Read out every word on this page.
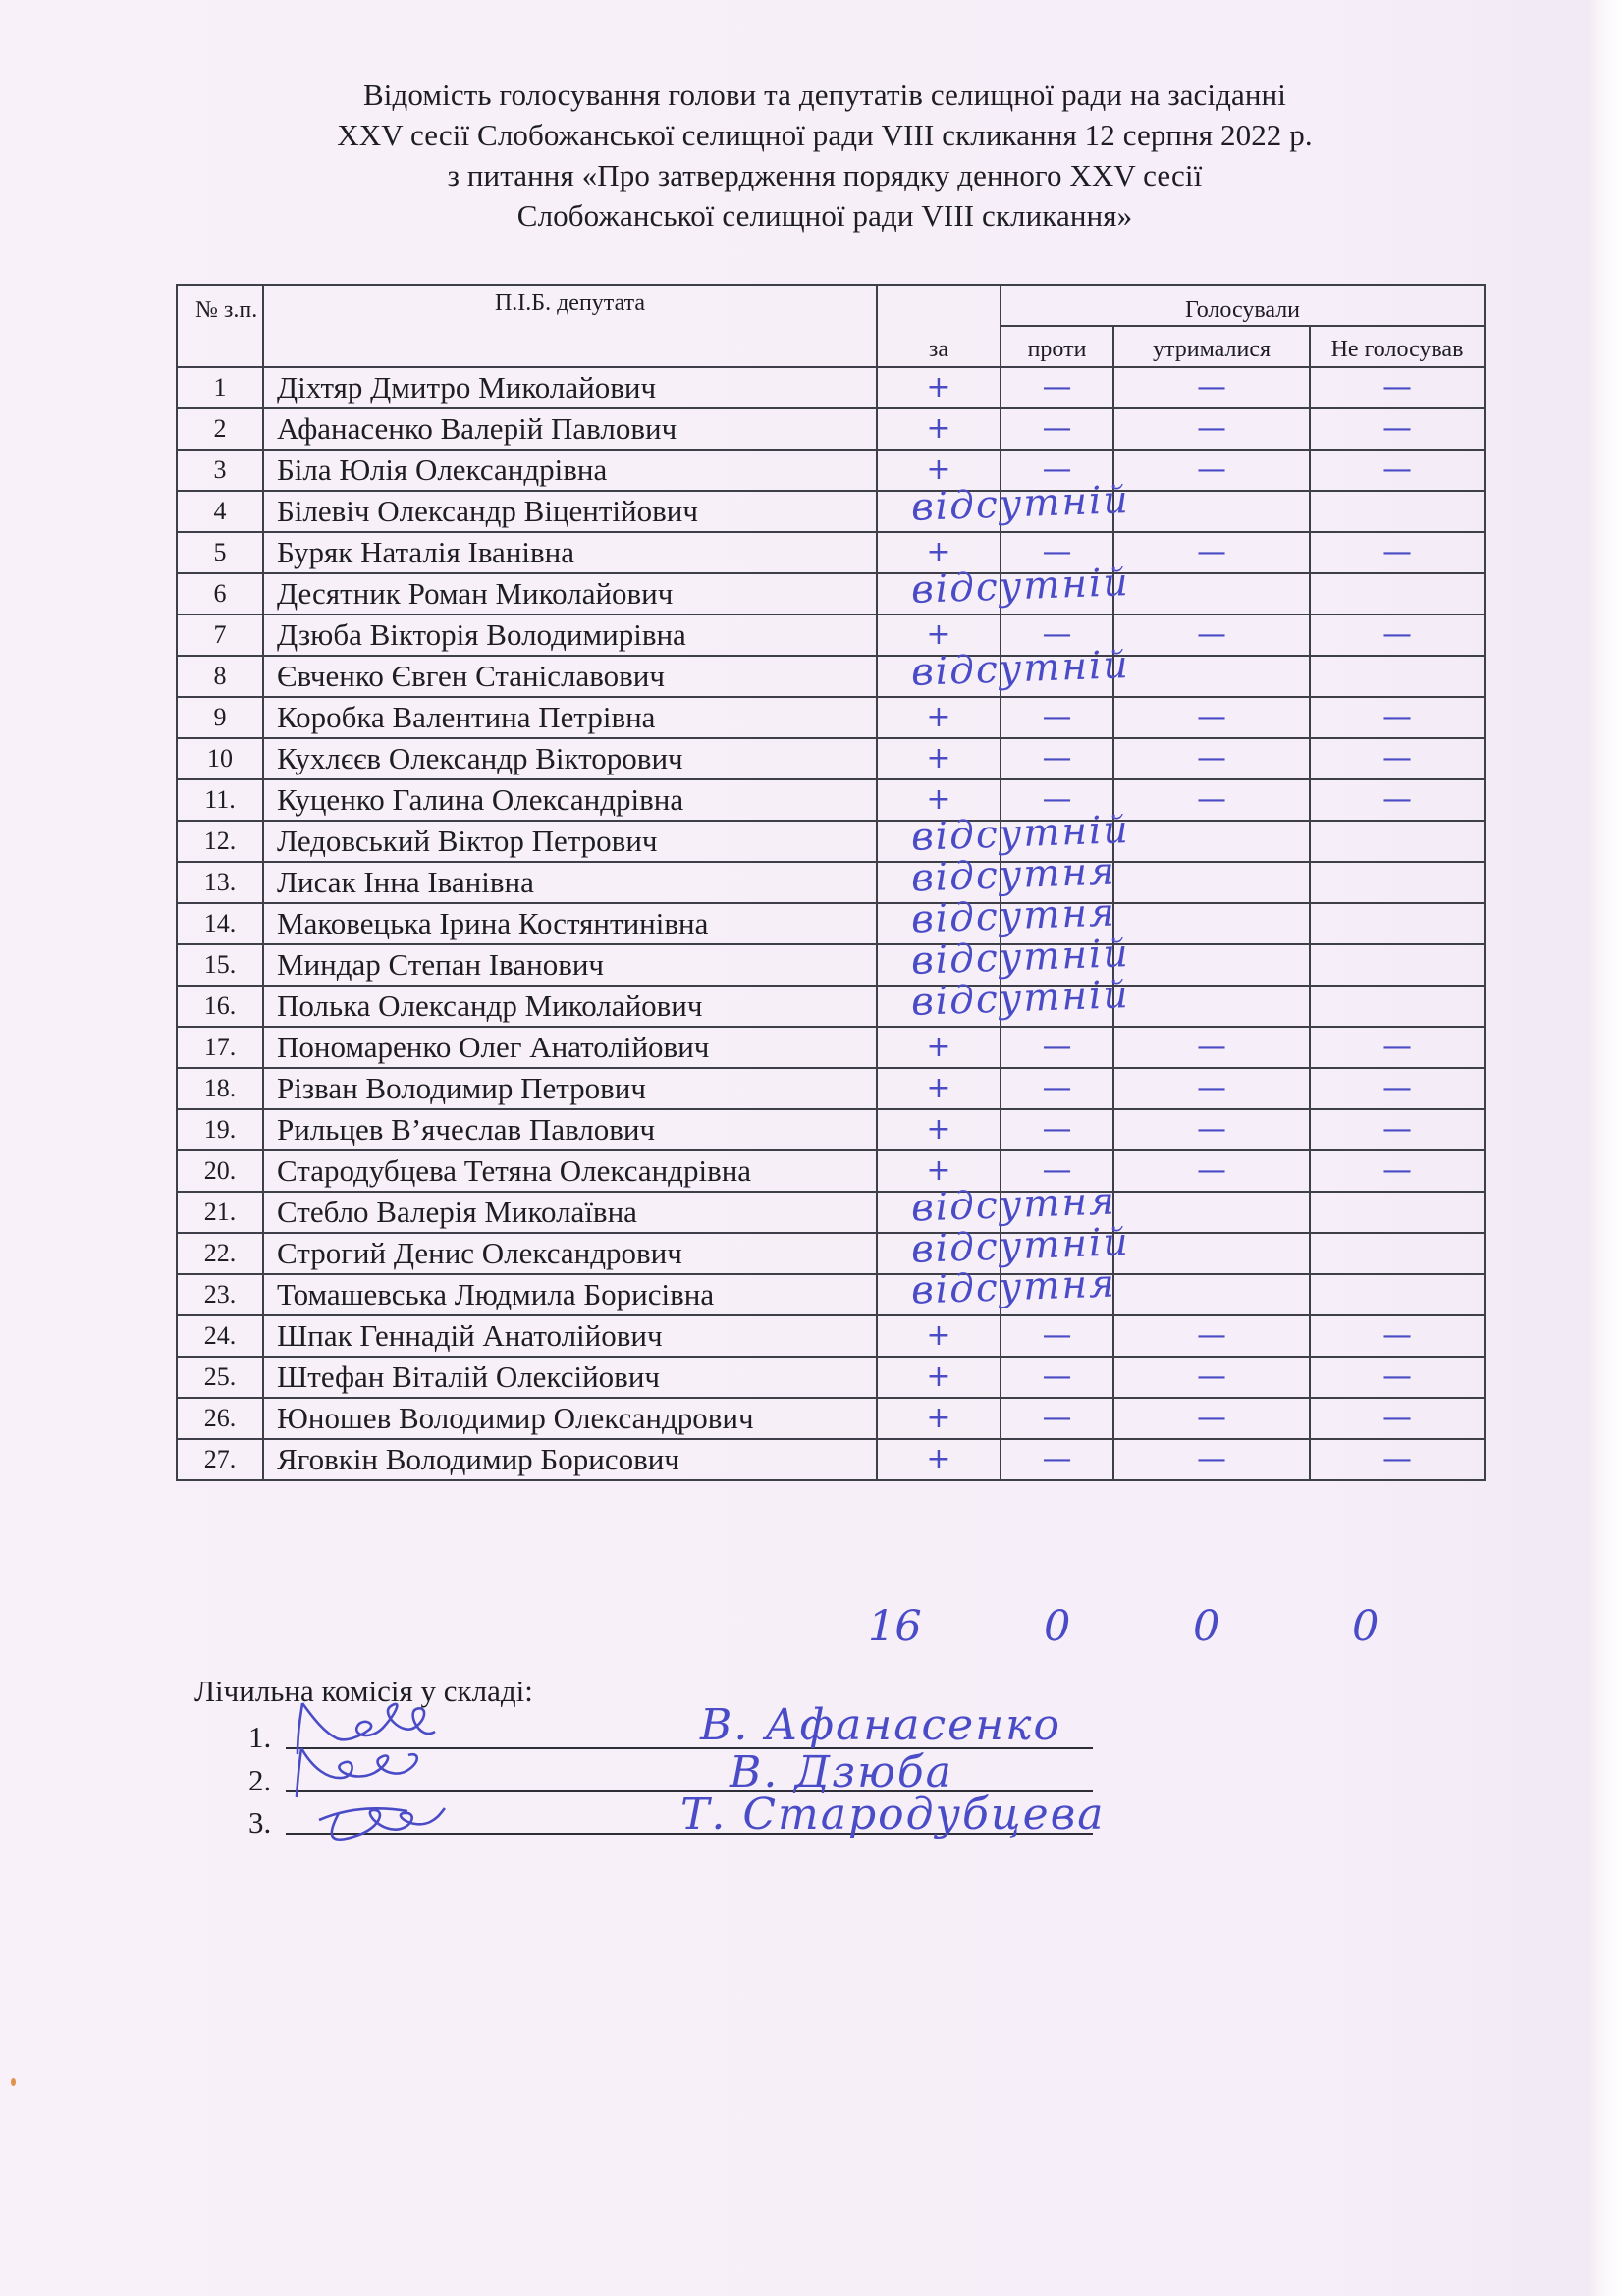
Відомість голосування голови та депутатів селищної ради на засіданні
XXV сесії Слобожанської селищної ради VIII скликання 12 серпня 2022 р.
з питання «Про затвердження порядку денного XXV сесії
Слобожанської селищної ради VIII скликання»
№ з.п.	П.І.Б. депутата		Голосували		

		за	проти	утрималися	Не голосував

1	Діхтяр Дмитро Миколайович	+	—	—	—
2	Афанасенко Валерій Павлович	+	—	—	—
3	Біла Юлія Олександрівна	+	—	—	—
4	Білевіч Олександр Віцентійович	відсутній			

5	Буряк Наталія Іванівна	+	—	—	—
6	Десятник Роман Миколайович	відсутній			

7	Дзюба Вікторія Володимирівна	+	—	—	—
8	Євченко Євген Станіславович	відсутній			

9	Коробка Валентина Петрівна	+	—	—	—
10	Кухлєєв Олександр Вікторович	+	—	—	—
11.	Куценко Галина Олександрівна	+	—	—	—
12.	Ледовський Віктор Петрович	відсутній			

13.	Лисак Інна Іванівна	відсутня			

14.	Маковецька Ірина Костянтинівна	відсутня			

15.	Миндар Степан Іванович	відсутній			

16.	Полька Олександр Миколайович	відсутній			

17.	Пономаренко Олег Анатолійович	+	—	—	—
18.	Різван Володимир Петрович	+	—	—	—
19.	Рильцев В’ячеслав Павлович	+	—	—	—
20.	Стародубцева Тетяна Олександрівна	+	—	—	—
21.	Стебло Валерія Миколаївна	відсутня			

22.	Строгий Денис Олександрович	відсутній			

23.	Томашевська Людмила Борисівна	відсутня			

24.	Шпак Геннадій Анатолійович	+	—	—	—
25.	Штефан Віталій Олексійович	+	—	—	—
26.	Юношев Володимир Олександрович	+	—	—	—
27.	Яговкін Володимир Борисович	+	—	—	—
16	0	0	0
Лічильна комісія у складі:
1.	В. Афанасенко
2.	В. Дзюба
3.	Т. Стародубцева
